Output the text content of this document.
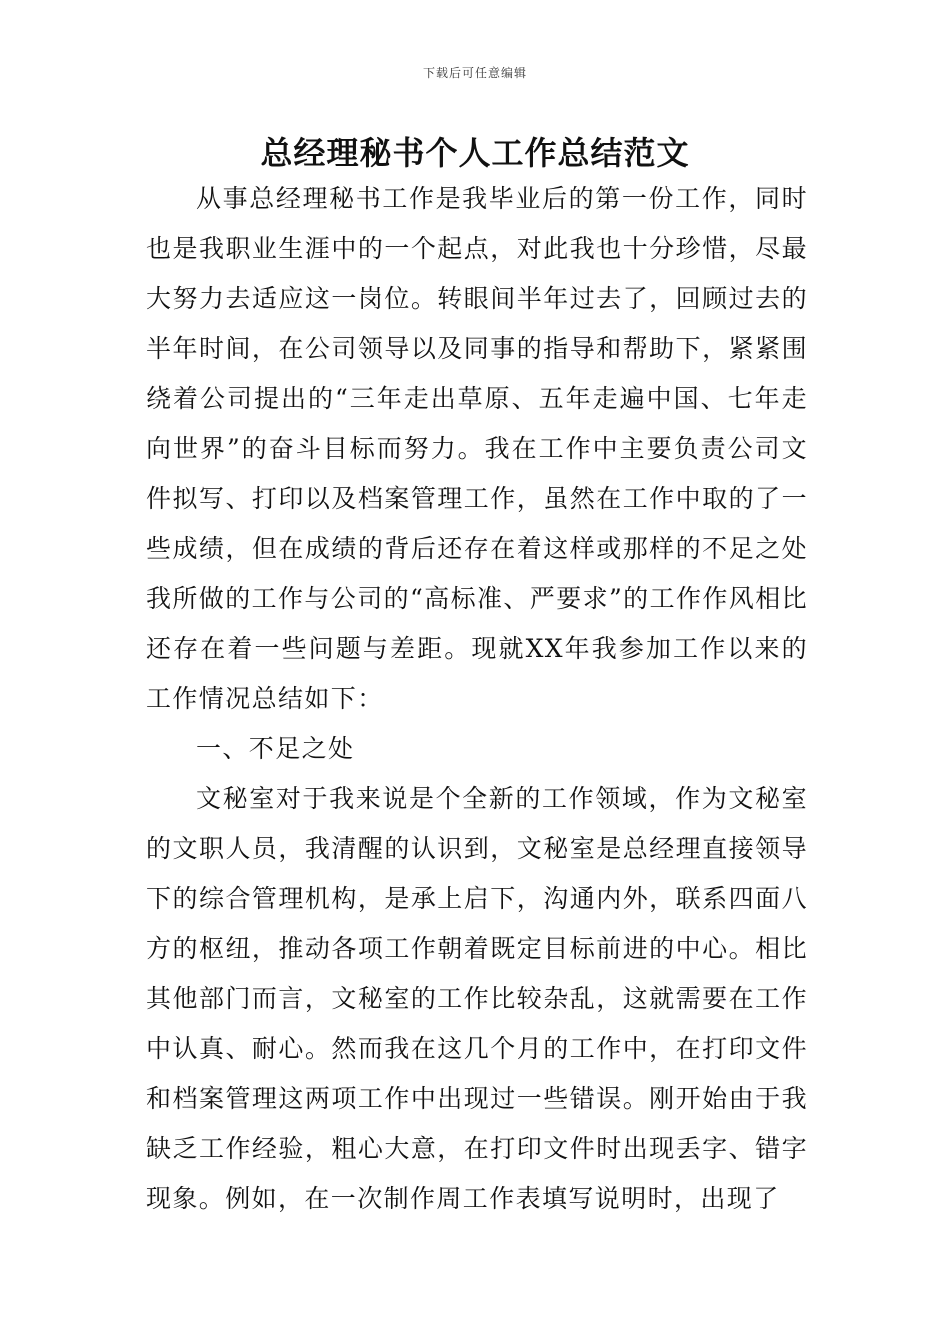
下载后可任意编辑
总经理秘书个人工作总结范文

从事总经理秘书工作是我毕业后的第一份工作，同时也是我职业生涯中的一个起点，对此我也十分珍惜，尽最大努力去适应这一岗位。转眼间半年过去了，回顾过去的半年时间，在公司领导以及同事的指导和帮助下，紧紧围绕着公司提出的“三年走出草原、五年走遍中国、七年走向世界”的奋斗目标而努力。我在工作中主要负责公司文件拟写、打印以及档案管理工作，虽然在工作中取的了一些成绩，但在成绩的背后还存在着这样或那样的不足之处我所做的工作与公司的“高标准、严要求”的工作作风相比还存在着一些问题与差距。现就XX年我参加工作以来的工作情况总结如下：

一、不足之处

文秘室对于我来说是个全新的工作领域，作为文秘室的文职人员，我清醒的认识到，文秘室是总经理直接领导下的综合管理机构，是承上启下，沟通内外，联系四面八方的枢纽，推动各项工作朝着既定目标前进的中心。相比其他部门而言，文秘室的工作比较杂乱，这就需要在工作中认真、耐心。然而我在这几个月的工作中，在打印文件和档案管理这两项工作中出现过一些错误。刚开始由于我缺乏工作经验，粗心大意，在打印文件时出现丢字、错字现象。例如，在一次制作周工作表填写说明时，出现了
